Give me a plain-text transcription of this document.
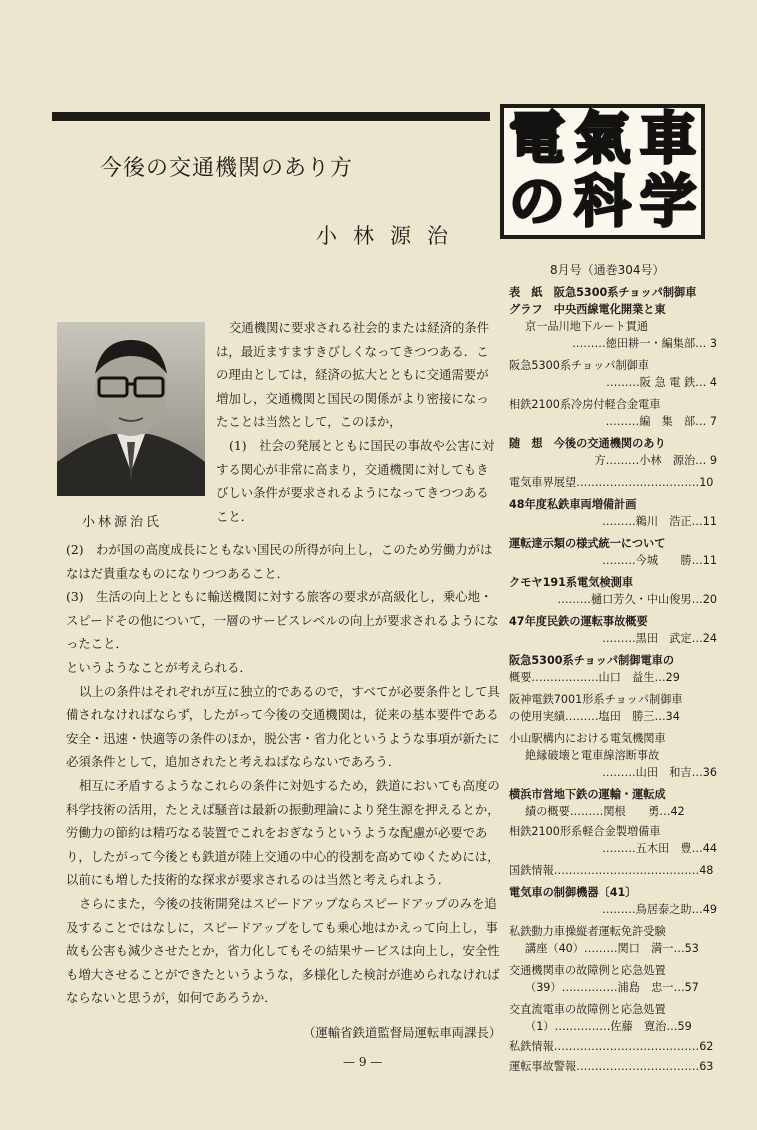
今後の交通機関のあり方
小林源治
電 氣 車
の 科 学
8月号（通巻304号）
小林源治氏
交通機関に要求される社会的または経済的条件
は，最近ますますきびしくなってきつつある．こ
の理由としては，経済の拡大とともに交通需要が
増加し，交通機関と国民の関係がより密接になっ
たことは当然として，このほか，
(1)　社会の発展とともに国民の事故や公害に対
する関心が非常に高まり，交通機関に対してもき
びしい条件が要求されるようになってきつつある
こと．
(2)　わが国の高度成長にともない国民の所得が向上し，このため労働力がは
なはだ貴重なものになりつつあること．
(3)　生活の向上とともに輸送機関に対する旅客の要求が高級化し，乗心地・
スピードその他について，一層のサービスレベルの向上が要求されるようにな
ったこと．
というようなことが考えられる．
以上の条件はそれぞれが互に独立的であるので，すべてが必要条件として具
備されなければならず，したがって今後の交通機関は，従来の基本要件である
安全・迅速・快適等の条件のほか，脱公害・省力化というような事項が新たに
必須条件として，追加されたと考えねばならないであろう．
相互に矛盾するようなこれらの条件に対処するため，鉄道においても高度の
科学技術の活用，たとえば騒音は最新の振動理論により発生源を押えるとか，
労働力の節約は精巧なる装置でこれをおぎなうというような配慮が必要であ
り，したがって今後とも鉄道が陸上交通の中心的役割を高めてゆくためには，
以前にも増した技術的な探求が要求されるのは当然と考えられよう．
さらにまた，今後の技術開発はスピードアップならスピードアップのみを追
及することではなしに，スピードアップをしても乗心地はかえって向上し，事
故も公害も減少させたとか，省力化してもその結果サービスは向上し，安全性
も増大させることができたというような，多様化した検討が進められなければ
ならないと思うが，如何であろうか．
（運輸省鉄道監督局運転車両課長）
— 9 —
表　紙　阪急5300系チョッパ制御車
グラフ　中央西線電化開業と東
京一品川地下ルート貫通
………徳田耕一・編集部… 3
阪急5300系チョッパ制御車
………阪 急 電 鉄… 4
相鉄2100系冷房付軽合金電車
………編　集　部… 7
随　想　今後の交通機関のあり
方………小林　源治… 9
電気車界展望……………………………10
48年度私鉄車両増備計画
………鵜川　浩正…11
運転達示類の様式統一について
………今城　　勝…11
クモヤ191系電気検測車
………樋口芳久・中山俊男…20
47年度民鉄の運転事故概要
………黒田　武定…24
阪急5300系チョッパ制御電車の
概要………………山口　益生…29
阪神電鉄7001形系チョッパ制御車
の使用実績………塩田　勝三…34
小山駅構内における電気機関車
絶縁破壊と電車線溶断事故
………山田　和吉…36
横浜市営地下鉄の運輸・運転成
績の概要………関根　　勇…42
相鉄2100形系軽合金製増備車
………五木田　豊…44
国鉄情報…………………………………48
電気車の制御機器〔41〕
………鳥居泰之助…49
私鉄動力車操縦者運転免許受験
講座（40）………関口　満一…53
交通機関車の故障例と応急処置
（39）……………浦島　忠一…57
交直流電車の故障例と応急処置
（1）……………佐藤　寛治…59
私鉄情報…………………………………62
運転事故警報……………………………63
